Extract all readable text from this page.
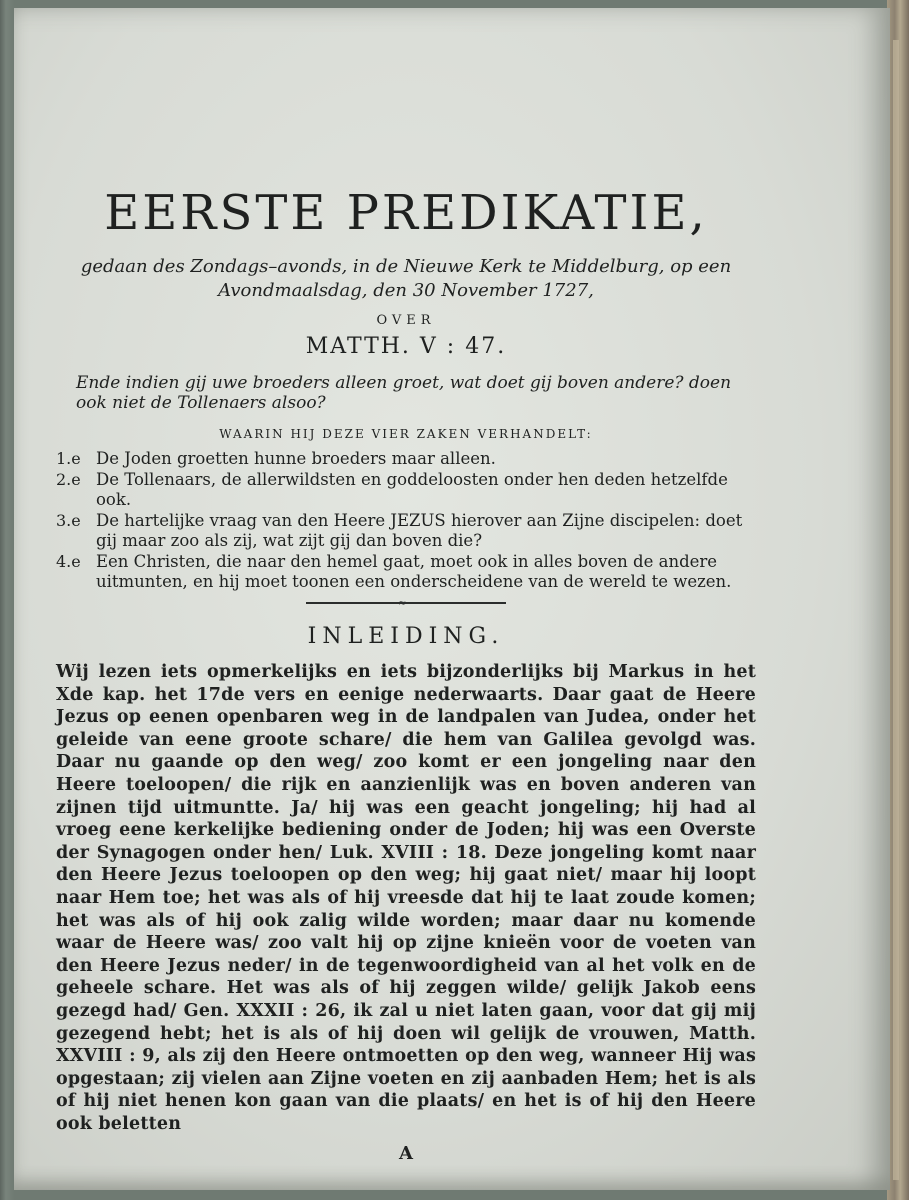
EERSTE PREDIKATIE,
gedaan des Zondags–avonds, in de Nieuwe Kerk te Middelburg, op een
Avondmaalsdag, den 30 November 1727,
OVER
MATTH. V : 47.
Ende indien gij uwe broeders alleen groet, wat doet gij boven andere? doen ook niet de Tollenaers alsoo?
WAARIN HIJ DEZE VIER ZAKEN VERHANDELT:
1.e De Joden groetten hunne broeders maar alleen.
2.e De Tollenaars, de allerwildsten en goddeloosten onder hen deden hetzelfde ook.
3.e De hartelijke vraag van den Heere JEZUS hierover aan Zijne discipelen: doet gij maar zoo als zij, wat zijt gij dan boven die?
4.e Een Christen, die naar den hemel gaat, moet ook in alles boven de andere uitmunten, en hij moet toonen een onderscheidene van de wereld te wezen.
≈
INLEIDING.

Wij lezen iets opmerkelijks en iets bijzonderlijks bij Markus in het Xde kap. het 17de vers en eenige nederwaarts. Daar gaat de Heere Jezus op eenen openbaren weg in de landpalen van Judea, onder het geleide van eene groote schare/ die hem van Galilea gevolgd was. Daar nu gaande op den weg/ zoo komt er een jongeling naar den Heere toeloopen/ die rijk en aanzienlijk was en boven anderen van zijnen tijd uitmuntte. Ja/ hij was een geacht jongeling; hij had al vroeg eene kerkelijke bediening onder de Joden; hij was een Overste der Synagogen onder hen/ Luk. XVIII : 18. Deze jongeling komt naar den Heere Jezus toeloopen op den weg; hij gaat niet/ maar hij loopt naar Hem toe; het was als of hij vreesde dat hij te laat zoude komen; het was als of hij ook zalig wilde worden; maar daar nu komende waar de Heere was/ zoo valt hij op zijne knieën voor de voeten van den Heere Jezus neder/ in de tegenwoordigheid van al het volk en de geheele schare. Het was als of hij zeggen wilde/ gelijk Jakob eens gezegd had/ Gen. XXXII : 26, ik zal u niet laten gaan, voor dat gij mij gezegend hebt; het is als of hij doen wil gelijk de vrouwen, Matth. XXVIII : 9, als zij den Heere ontmoetten op den weg, wanneer Hij was opgestaan; zij vielen aan Zijne voeten en zij aanbaden Hem; het is als of hij niet henen kon gaan van die plaats/ en het is of hij den Heere ook beletten

A
